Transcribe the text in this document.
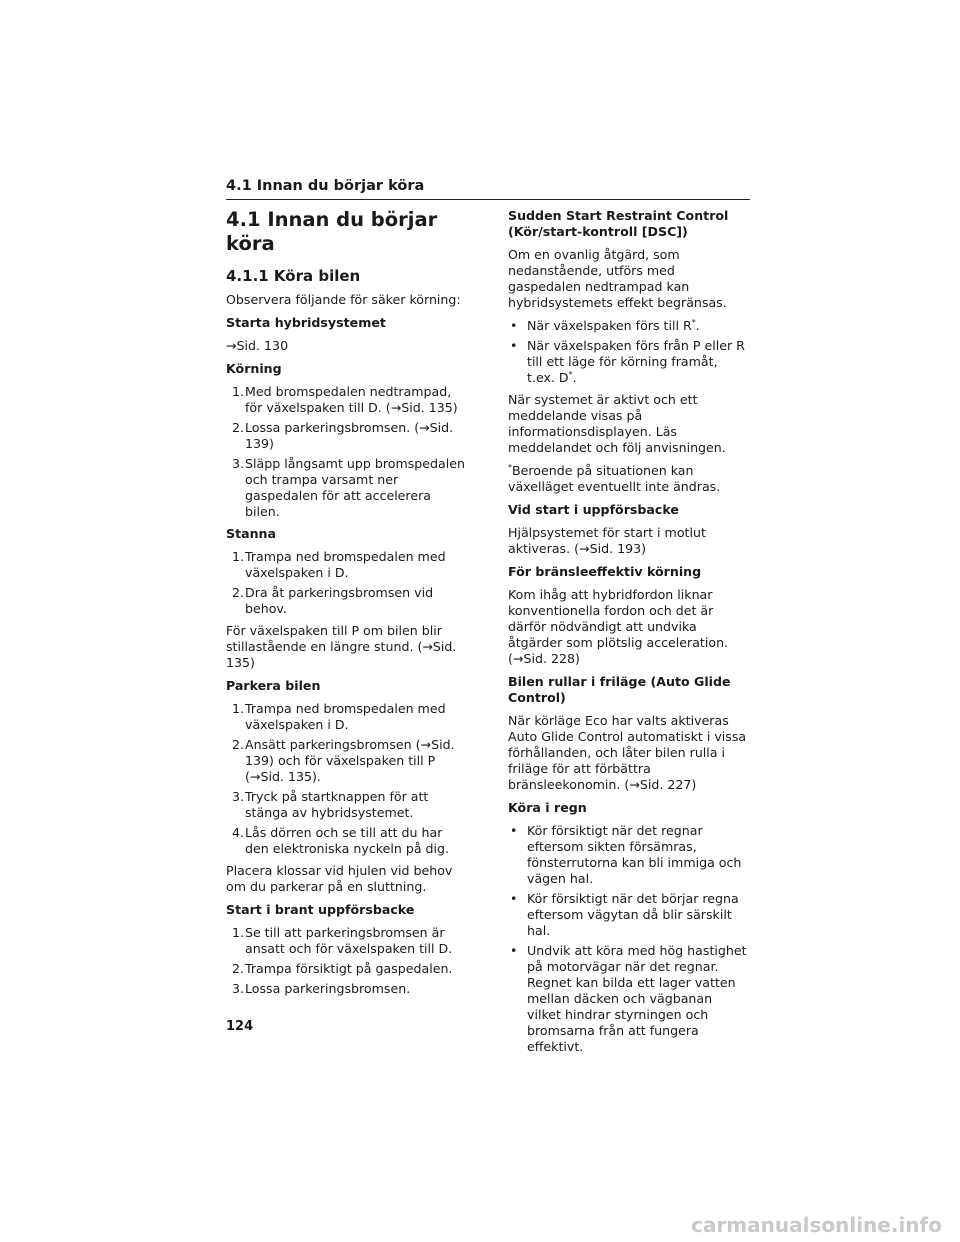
4.1 Innan du börjar köra
4.1 Innan du börjar köra
4.1.1 Köra bilen

Observera följande för säker körning:

Starta hybridsystemet

→Sid. 130

Körning
1. Med bromspedalen nedtrampad, för växelspaken till D. (→Sid. 135)
2. Lossa parkeringsbromsen. (→Sid. 139)
3. Släpp långsamt upp bromspedalen och trampa varsamt ner gaspedalen för att accelerera bilen.
Stanna
1. Trampa ned bromspedalen med växelspaken i D.
2. Dra åt parkeringsbromsen vid behov.

För växelspaken till P om bilen blir stillastående en längre stund. (→Sid. 135)

Parkera bilen
1. Trampa ned bromspedalen med växelspaken i D.
2. Ansätt parkeringsbromsen (→Sid. 139) och för växelspaken till P (→Sid. 135).
3. Tryck på startknappen för att stänga av hybridsystemet.
4. Lås dörren och se till att du har den elektroniska nyckeln på dig.

Placera klossar vid hjulen vid behov om du parkerar på en sluttning.

Start i brant uppförsbacke
1. Se till att parkeringsbromsen är ansatt och för växelspaken till D.
2. Trampa försiktigt på gaspedalen.
3. Lossa parkeringsbromsen.
Sudden Start Restraint Control (Kör/start-kontroll [DSC])

Om en ovanlig åtgärd, som nedanstående, utförs med gaspedalen nedtrampad kan hybridsystemets effekt begränsas.

• När växelspaken förs till R*.
• När växelspaken förs från P eller R till ett läge för körning framåt, t.ex. D*.

När systemet är aktivt och ett meddelande visas på informationsdisplayen. Läs meddelandet och följ anvisningen.

*Beroende på situationen kan växelläget eventuellt inte ändras.

Vid start i uppförsbacke

Hjälpsystemet för start i motlut aktiveras. (→Sid. 193)

För bränsleeffektiv körning

Kom ihåg att hybridfordon liknar konventionella fordon och det är därför nödvändigt att undvika åtgärder som plötslig acceleration. (→Sid. 228)

Bilen rullar i friläge (Auto Glide Control)

När körläge Eco har valts aktiveras Auto Glide Control automatiskt i vissa förhållanden, och låter bilen rulla i friläge för att förbättra bränsleekonomin. (→Sid. 227)

Köra i regn
• Kör försiktigt när det regnar eftersom sikten försämras, fönsterrutorna kan bli immiga och vägen hal.
• Kör försiktigt när det börjar regna eftersom vägytan då blir särskilt hal.
• Undvik att köra med hög hastighet på motorvägar när det regnar. Regnet kan bilda ett lager vatten mellan däcken och vägbanan vilket hindrar styrningen och bromsarna från att fungera effektivt.
124
carmanualsonline.info
